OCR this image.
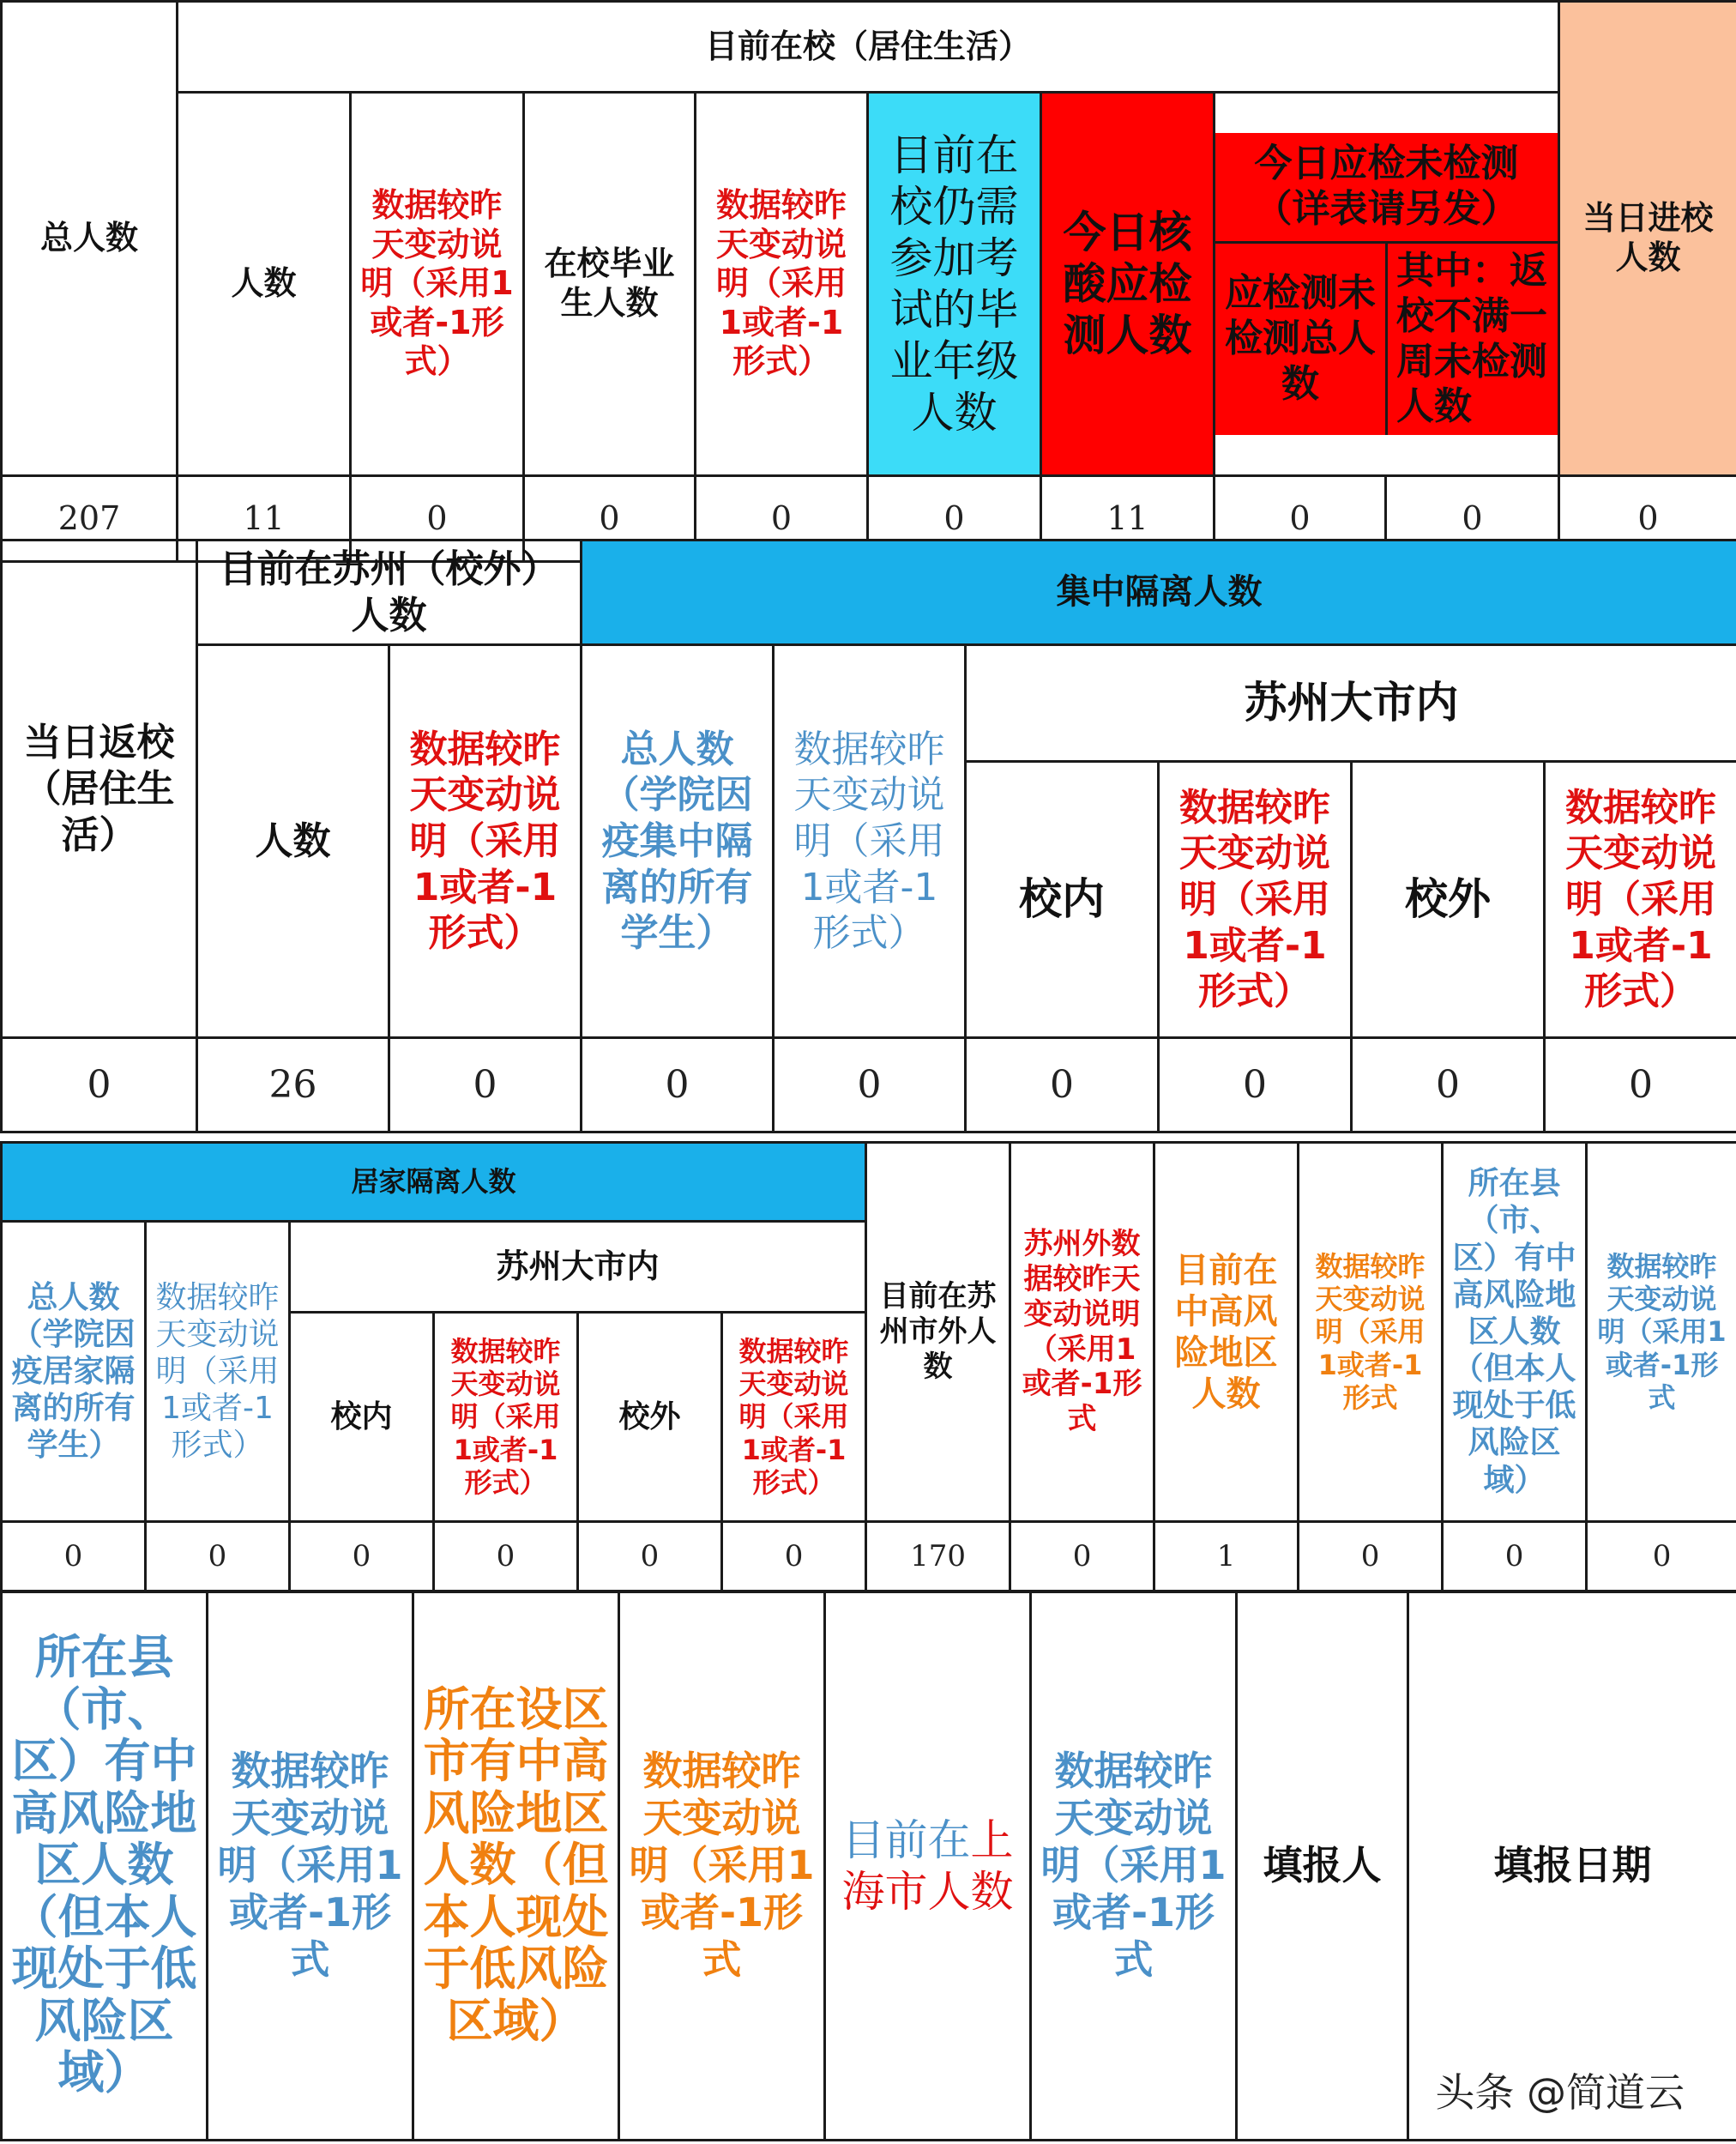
总人数	目前在校（居住生活）	当日进校人数
人数	数据较昨天变动说明（采用1或者-1形式）	在校毕业生人数	数据较昨天变动说明（采用1或者-1形式）	目前在校仍需参加考试的毕业年级人数	今日核酸应检测人数	

今日应检未检测（详表请另发）
应检测未检测总人数	其中：返校不满一周未检测人数

207	11	0	0	0	0	11	0	0	0
当日返校（居住生活）	目前在苏州（校外）人数		集中隔离人数					
	人数	数据较昨天变动说明（采用1或者-1形式）	总人数（学院因疫集中隔离的所有学生）	数据较昨天变动说明（采用1或者-1形式）	苏州大市内			
					校内	数据较昨天变动说明（采用1或者-1形式）	校外	数据较昨天变动说明（采用1或者-1形式）
0	26	0	0	0	0	0	0	0
居家隔离人数						目前在苏州市外人数	苏州外数据较昨天变动说明（采用1或者-1形式	目前在中高风险地区人数	数据较昨天变动说明（采用1或者-1形式	所在县（市、区）有中高风险地区人数（但本人现处于低风险区域）	数据较昨天变动说明（采用1或者-1形式
总人数（学院因疫居家隔离的所有学生）	数据较昨天变动说明（采用1或者-1形式）	苏州大市内									
		校内	数据较昨天变动说明（采用1或者-1形式）	校外	数据较昨天变动说明（采用1或者-1形式）						
0	0	0	0	0	0	170	0	1	0	0	0
所在县（市、区）有中高风险地区人数（但本人现处于低风险区域）	数据较昨天变动说明（采用1或者-1形式	所在设区市有中高风险地区人数（但本人现处于低风险区域）	数据较昨天变动说明（采用1或者-1形式	目前在上海市人数	数据较昨天变动说明（采用1或者-1形式	填报人	填报日期
头条 @简道云
